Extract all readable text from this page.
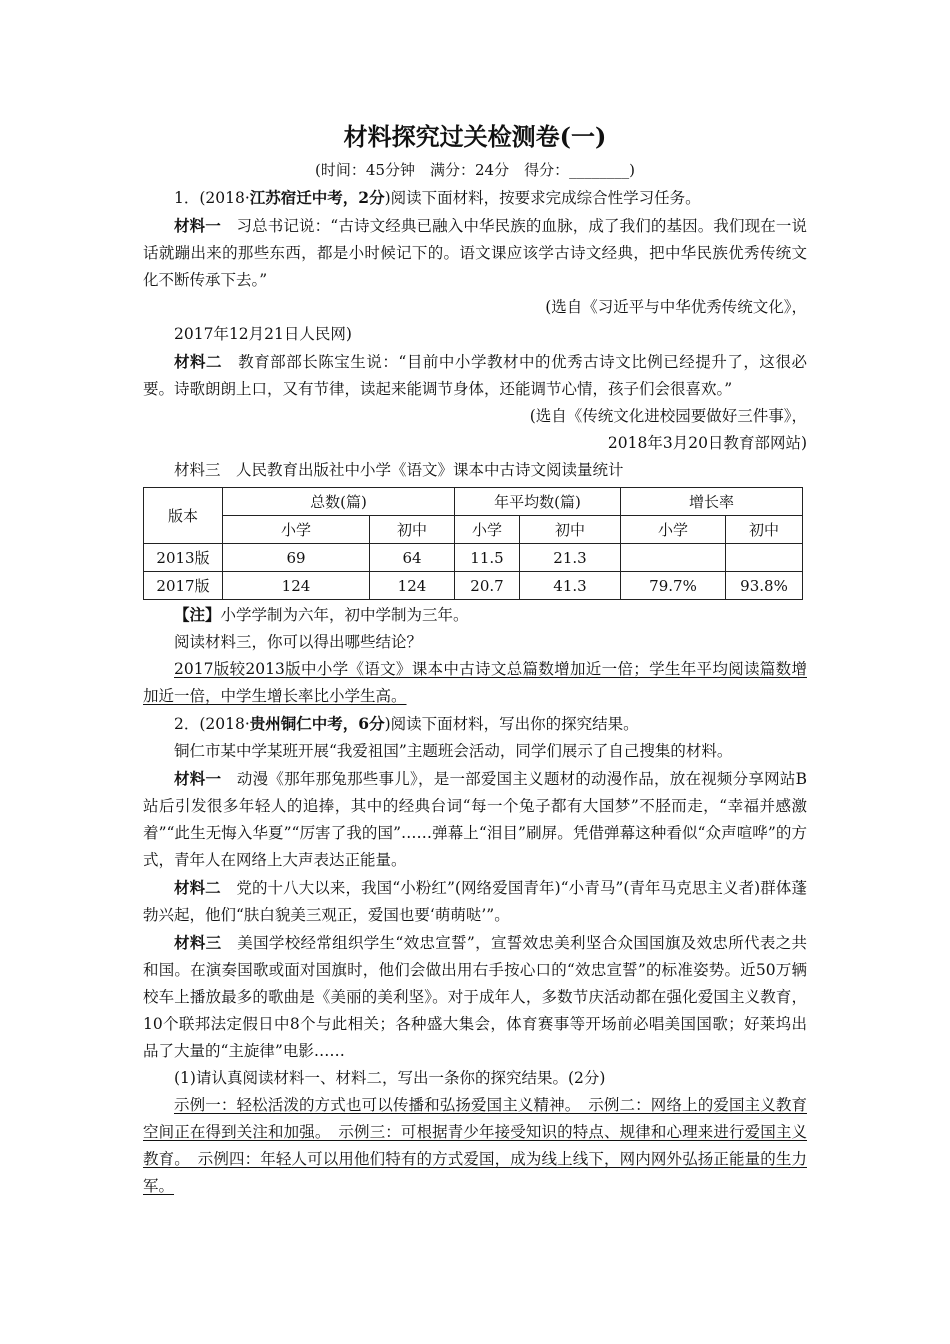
材料探究过关检测卷(一)
(时间：45分钟　满分：24分　得分：________)

1．(2018·江苏宿迁中考，2分)阅读下面材料，按要求完成综合性学习任务。

材料一　习总书记说：“古诗文经典已融入中华民族的血脉，成了我们的基因。我们现在一说话就蹦出来的那些东西，都是小时候记下的。语文课应该学古诗文经典，把中华民族优秀传统文化不断传承下去。”

(选自《习近平与中华优秀传统文化》，

2017年12月21日人民网)

材料二　教育部部长陈宝生说：“目前中小学教材中的优秀古诗文比例已经提升了，这很必要。诗歌朗朗上口，又有节律，读起来能调节身体，还能调节心情，孩子们会很喜欢。”

(选自《传统文化进校园要做好三件事》，

2018年3月20日教育部网站)

材料三　人民教育出版社中小学《语文》课本中古诗文阅读量统计

版本	总数(篇)		年平均数(篇)		增长率	
	小学	初中	小学	初中	小学	初中
2013版	69	64	11.5	21.3		
2017版	124	124	20.7	41.3	79.7%	93.8%

【注】小学学制为六年，初中学制为三年。

阅读材料三，你可以得出哪些结论？

2017版较2013版中小学《语文》课本中古诗文总篇数增加近一倍；学生年平均阅读篇数增加近一倍，中学生增长率比小学生高。

2．(2018·贵州铜仁中考，6分)阅读下面材料，写出你的探究结果。

铜仁市某中学某班开展“我爱祖国”主题班会活动，同学们展示了自己搜集的材料。

材料一　动漫《那年那兔那些事儿》，是一部爱国主义题材的动漫作品，放在视频分享网站B站后引发很多年轻人的追捧，其中的经典台词“每一个兔子都有大国梦”不胫而走，“幸福并感激着”“此生无悔入华夏”“厉害了我的国”……弹幕上“泪目”刷屏。凭借弹幕这种看似“众声喧哗”的方式，青年人在网络上大声表达正能量。

材料二　党的十八大以来，我国“小粉红”(网络爱国青年)“小青马”(青年马克思主义者)群体蓬勃兴起，他们“肤白貌美三观正，爱国也要‘萌萌哒’”。

材料三　美国学校经常组织学生“效忠宣誓”，宣誓效忠美利坚合众国国旗及效忠所代表之共和国。在演奏国歌或面对国旗时，他们会做出用右手按心口的“效忠宣誓”的标准姿势。近50万辆校车上播放最多的歌曲是《美丽的美利坚》。对于成年人，多数节庆活动都在强化爱国主义教育，10个联邦法定假日中8个与此相关；各种盛大集会，体育赛事等开场前必唱美国国歌；好莱坞出品了大量的“主旋律”电影……

(1)请认真阅读材料一、材料二，写出一条你的探究结果。(2分)

示例一：轻松活泼的方式也可以传播和弘扬爱国主义精神。　示例二：网络上的爱国主义教育空间正在得到关注和加强。　示例三：可根据青少年接受知识的特点、规律和心理来进行爱国主义教育。　示例四：年轻人可以用他们特有的方式爱国，成为线上线下，网内网外弘扬正能量的生力军。
